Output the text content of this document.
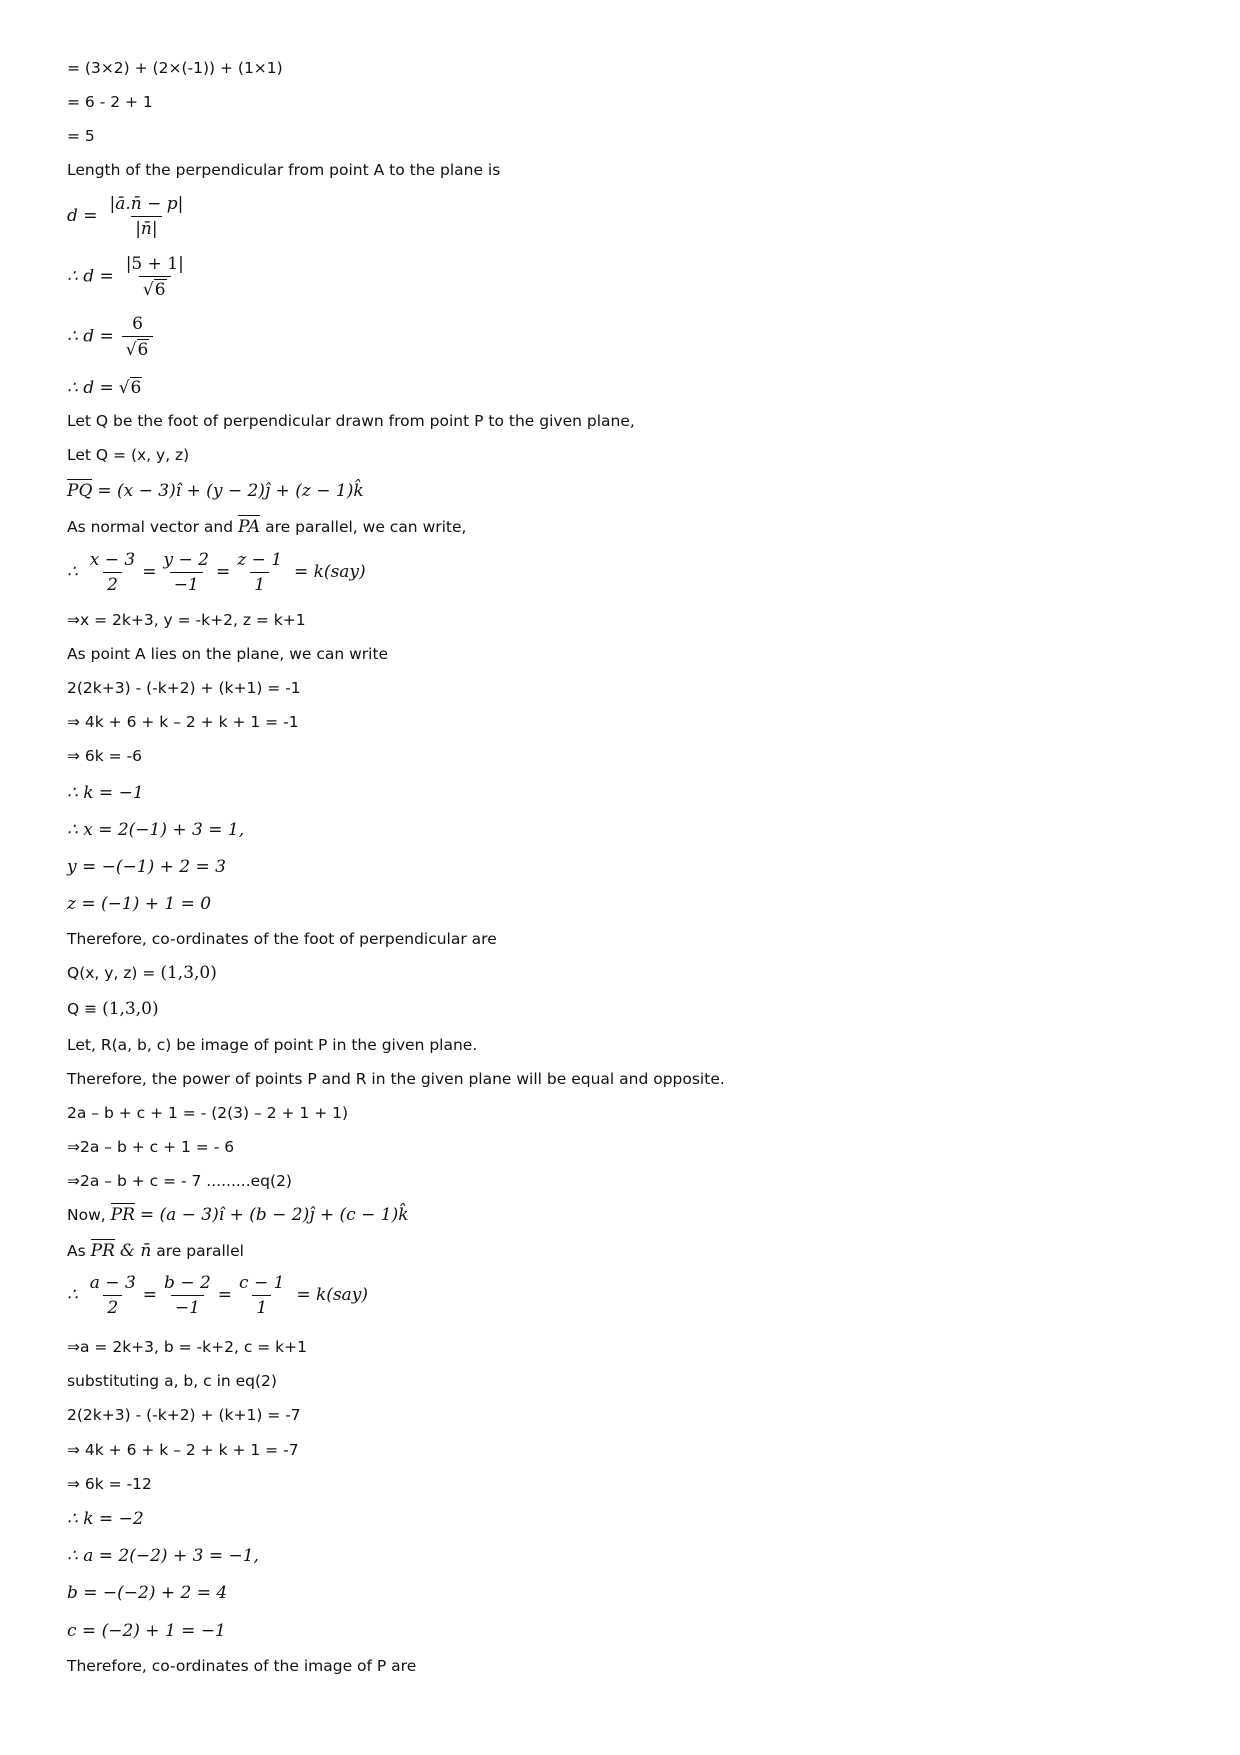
= (3×2) + (2×(-1)) + (1×1)
= 6 - 2 + 1
= 5
Length of the perpendicular from point A to the plane is
$d = \frac{|ā.n̄ - p|}{|n̄|}$
∴ $d = \frac{|5 + 1|}{√ 6}$
∴ $d = \frac{6}{√ 6}$
∴ d = √ 6
Let Q be the foot of perpendicular drawn from point P to the given plane,
Let Q = (x, y, z)
PQ = (x − 3)î + (y − 2)ĵ + (z − 1)k̂
As normal vector and PA are parallel, we can write,
∴ $\frac{x - 3}{2} = \frac{y - 2}{-1} = \frac{z - 1}{1} = k(say)$
⇒x = 2k+3, y = -k+2, z = k+1
As point A lies on the plane, we can write
2(2k+3) - (-k+2) + (k+1) = -1
⇒ 4k + 6 + k – 2 + k + 1 = -1
⇒ 6k = -6
∴ k = −1
∴ x = 2(−1) + 3 = 1,
y = −(−1) + 2 = 3
z = (−1) + 1 = 0
Therefore, co-ordinates of the foot of perpendicular are
Q(x, y, z) = (1,3,0)
Q ≡ (1,3,0)
Let, R(a, b, c) be image of point P in the given plane.
Therefore, the power of points P and R in the given plane will be equal and opposite.
2a – b + c + 1 = - (2(3) – 2 + 1 + 1)
⇒2a – b + c + 1 = - 6
⇒2a – b + c = - 7 .........eq(2)
Now, PR = (a − 3)î + (b − 2)ĵ + (c − 1)k̂
As PR & n̄ are parallel
∴ $\frac{a - 3}{2} = \frac{b - 2}{-1} = \frac{c - 1}{1} = k(say)$
⇒a = 2k+3, b = -k+2, c = k+1
substituting a, b, c in eq(2)
2(2k+3) - (-k+2) + (k+1) = -7
⇒ 4k + 6 + k – 2 + k + 1 = -7
⇒ 6k = -12
∴ k = −2
∴ a = 2(−2) + 3 = −1,
b = −(−2) + 2 = 4
c = (−2) + 1 = −1
Therefore, co-ordinates of the image of P are
